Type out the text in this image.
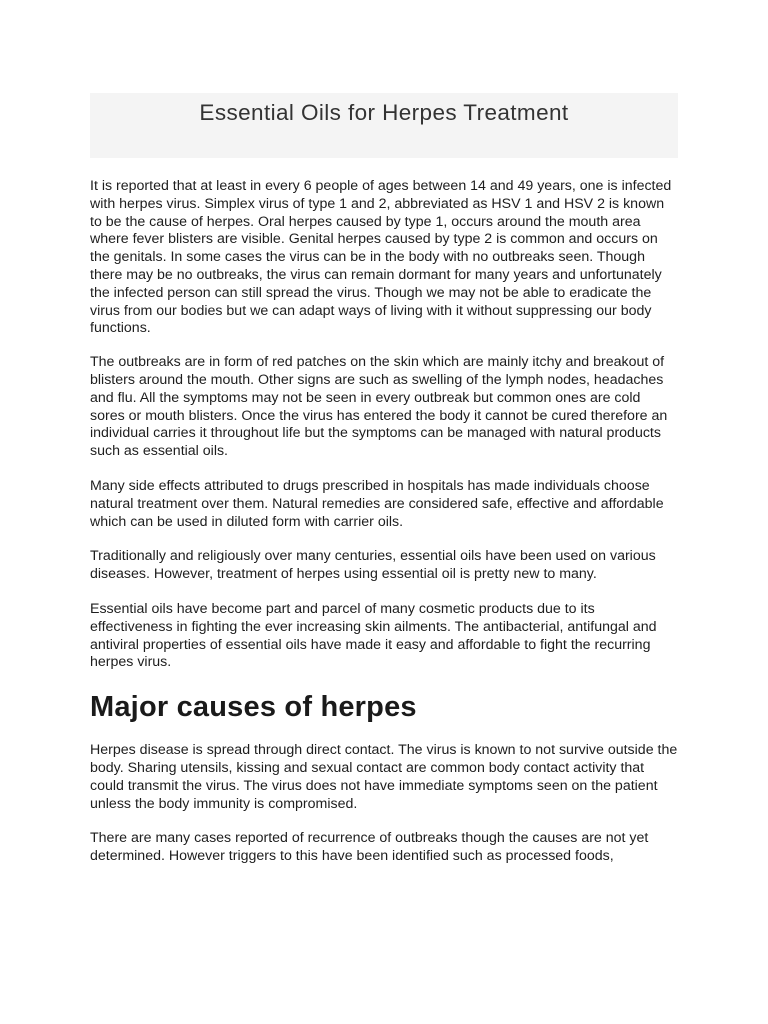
Essential Oils for Herpes Treatment

It is reported that at least in every 6 people of ages between 14 and 49 years, one is infected with herpes virus. Simplex virus of type 1 and 2, abbreviated as HSV 1 and HSV 2 is known to be the cause of herpes. Oral herpes caused by type 1, occurs around the mouth area where fever blisters are visible. Genital herpes caused by type 2 is common and occurs on the genitals. In some cases the virus can be in the body with no outbreaks seen. Though there may be no outbreaks, the virus can remain dormant for many years and unfortunately the infected person can still spread the virus. Though we may not be able to eradicate the virus from our bodies but we can adapt ways of living with it without suppressing our body functions.

The outbreaks are in form of red patches on the skin which are mainly itchy and breakout of blisters around the mouth. Other signs are such as swelling of the lymph nodes, headaches and flu. All the symptoms may not be seen in every outbreak but common ones are cold sores or mouth blisters. Once the virus has entered the body it cannot be cured therefore an individual carries it throughout life but the symptoms can be managed with natural products such as essential oils.

Many side effects attributed to drugs prescribed in hospitals has made individuals choose natural treatment over them. Natural remedies are considered safe, effective and affordable which can be used in diluted form with carrier oils.

Traditionally and religiously over many centuries, essential oils have been used on various diseases. However, treatment of herpes using essential oil is pretty new to many.

Essential oils have become part and parcel of many cosmetic products due to its effectiveness in fighting the ever increasing skin ailments. The antibacterial, antifungal and antiviral properties of essential oils have made it easy and affordable to fight the recurring herpes virus.

Major causes of herpes

Herpes disease is spread through direct contact. The virus is known to not survive outside the body. Sharing utensils, kissing and sexual contact are common body contact activity that could transmit the virus. The virus does not have immediate symptoms seen on the patient unless the body immunity is compromised.

There are many cases reported of recurrence of outbreaks though the causes are not yet determined. However triggers to this have been identified such as processed foods,
